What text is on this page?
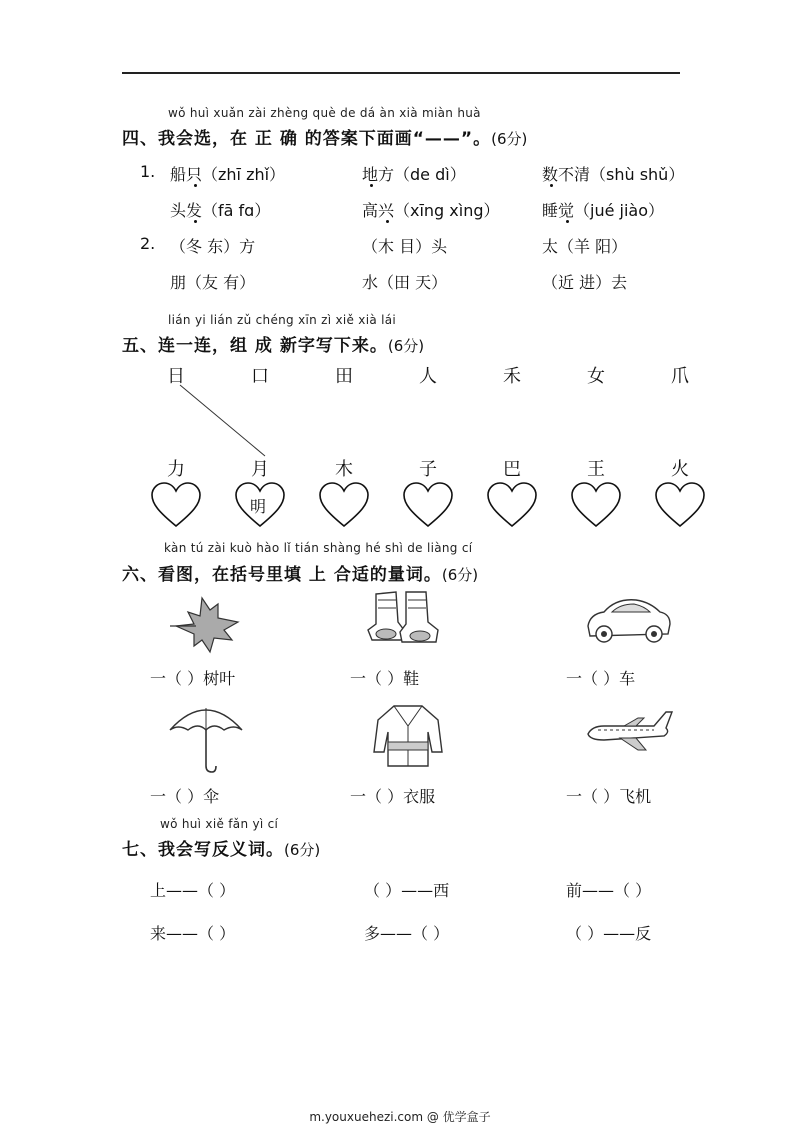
wǒ huì xuǎn zài zhèng què de dá àn xià miàn huà
四、我会选，在 正 确 的答案下面画“——”。(6分)
1. 船只（zhī zhǐ）	地方（de dì）	数不清（shù shǔ）
头发（fā fɑ）	高兴（xīng xìng）	睡觉（jué jiào）
2. （冬 东）方	（木 目）头	太（羊 阳）
朋（友 有）	水（田 天）	（近 进）去
lián yi lián zǔ chéng xīn zì xiě xià lái
五、连一连，组 成 新字写下来。(6分)
日	口	田	人	禾	女	爪
力	月	木	子	巴	王	火
明
kàn tú zài kuò hào lǐ tián shàng hé shì de liàng cí
六、看图，在括号里填 上 合适的量词。(6分)
一（ ）树叶	一（ ）鞋	一（ ）车
一（ ）伞	一（ ）衣服	一（ ）飞机
wǒ huì xiě fǎn yì cí
七、我会写反义词。(6分)
上——（ ）	（ ）——西	前——（ ）
来——（ ）	多——（ ）	（ ）——反
m.youxuehezi.com @ 优学盒子
